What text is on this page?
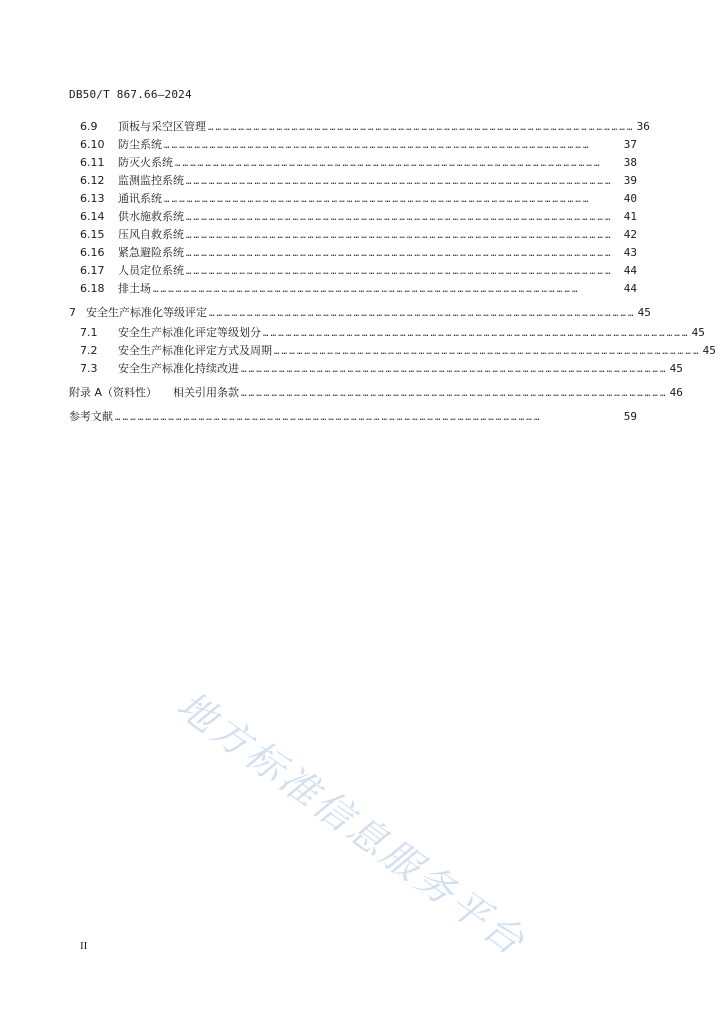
DB50/T 867.66—2024
6.9	顶板与采空区管理 …………………………………………………………………………………………………………………………………………………… 36
6.10	防尘系统 ……………………………………………………………………………………………………………………………………………………	37
6.11	防灭火系统 ……………………………………………………………………………………………………………………………………………………	38
6.12	监测监控系统 ……………………………………………………………………………………………………………………………………………………	39
6.13	通讯系统 ……………………………………………………………………………………………………………………………………………………	40
6.14	供水施救系统 ……………………………………………………………………………………………………………………………………………………	41
6.15	压风自救系统 ……………………………………………………………………………………………………………………………………………………	42
6.16	紧急避险系统 ……………………………………………………………………………………………………………………………………………………	43
6.17	人员定位系统 ……………………………………………………………………………………………………………………………………………………	44
6.18	排土场 ……………………………………………………………………………………………………………………………………………………	44
7 安全生产标准化等级评定 …………………………………………………………………………………………………………………………………………………… 45
7.1	安全生产标准化评定等级划分 …………………………………………………………………………………………………………………………………………………… 45
7.2	安全生产标准化评定方式及周期 …………………………………………………………………………………………………………………………………………………… 45
7.3	安全生产标准化持续改进 …………………………………………………………………………………………………………………………………………………… 45
附录 A（资料性） 相关引用条款 …………………………………………………………………………………………………………………………………………………… 46
参考文献 ……………………………………………………………………………………………………………………………………………………	59
地方标准信息服务平台
II
